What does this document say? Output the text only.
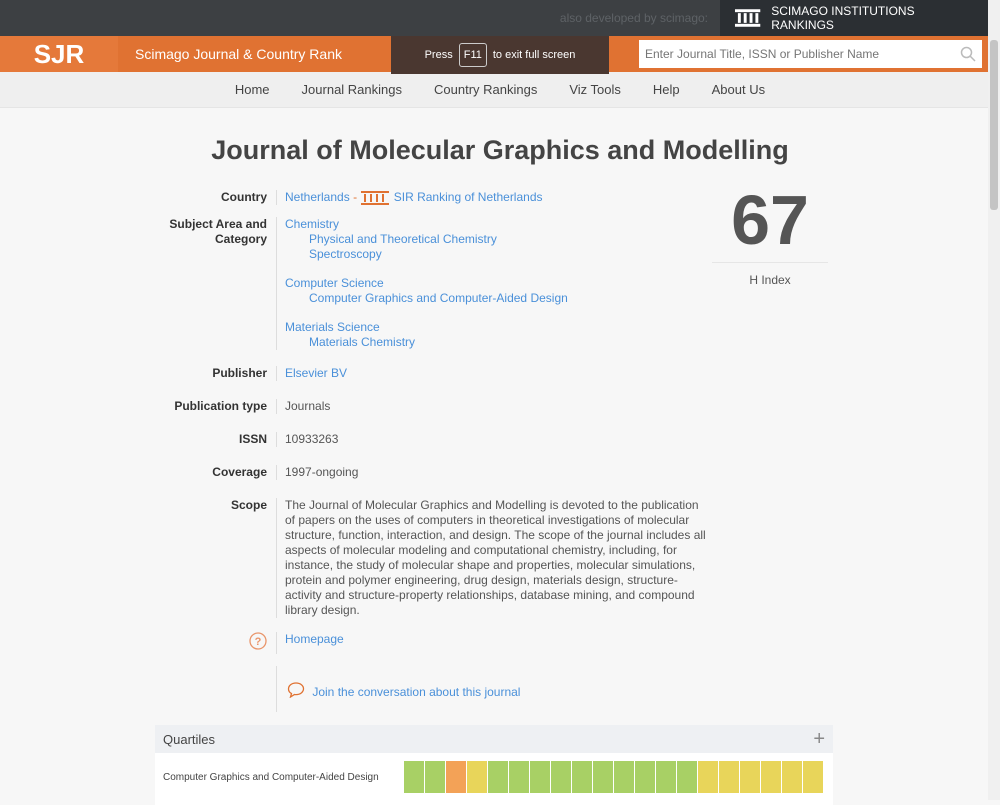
also developed by scimago:	SCIMAGO INSTITUTIONS RANKINGS
SJR	Scimago Journal & Country Rank	Press	F11	to exit full screen
Enter Journal Title, ISSN or Publisher Name
Home Journal Rankings Country Rankings Viz Tools Help About Us
Journal of Molecular Graphics and Modelling
Country	Netherlands -	SIR Ranking of Netherlands
Subject Area and Category
Chemistry
Physical and Theoretical Chemistry
Spectroscopy
Computer Science
Computer Graphics and Computer-Aided Design
Materials Science
Materials Chemistry
Publisher	Elsevier BV
Publication type	Journals
ISSN	10933263
Coverage	1997-ongoing
Scope	The Journal of Molecular Graphics and Modelling is devoted to the publication of papers on the uses of computers in theoretical investigations of molecular structure, function, interaction, and design. The scope of the journal includes all aspects of molecular modeling and computational chemistry, including, for instance, the study of molecular shape and properties, molecular simulations, protein and polymer engineering, drug design, materials design, structure-activity and structure-property relationships, database mining, and compound library design.
?	Homepage
Join the conversation about this journal
67
H Index
Quartiles	+
Computer Graphics and Computer-Aided Design
